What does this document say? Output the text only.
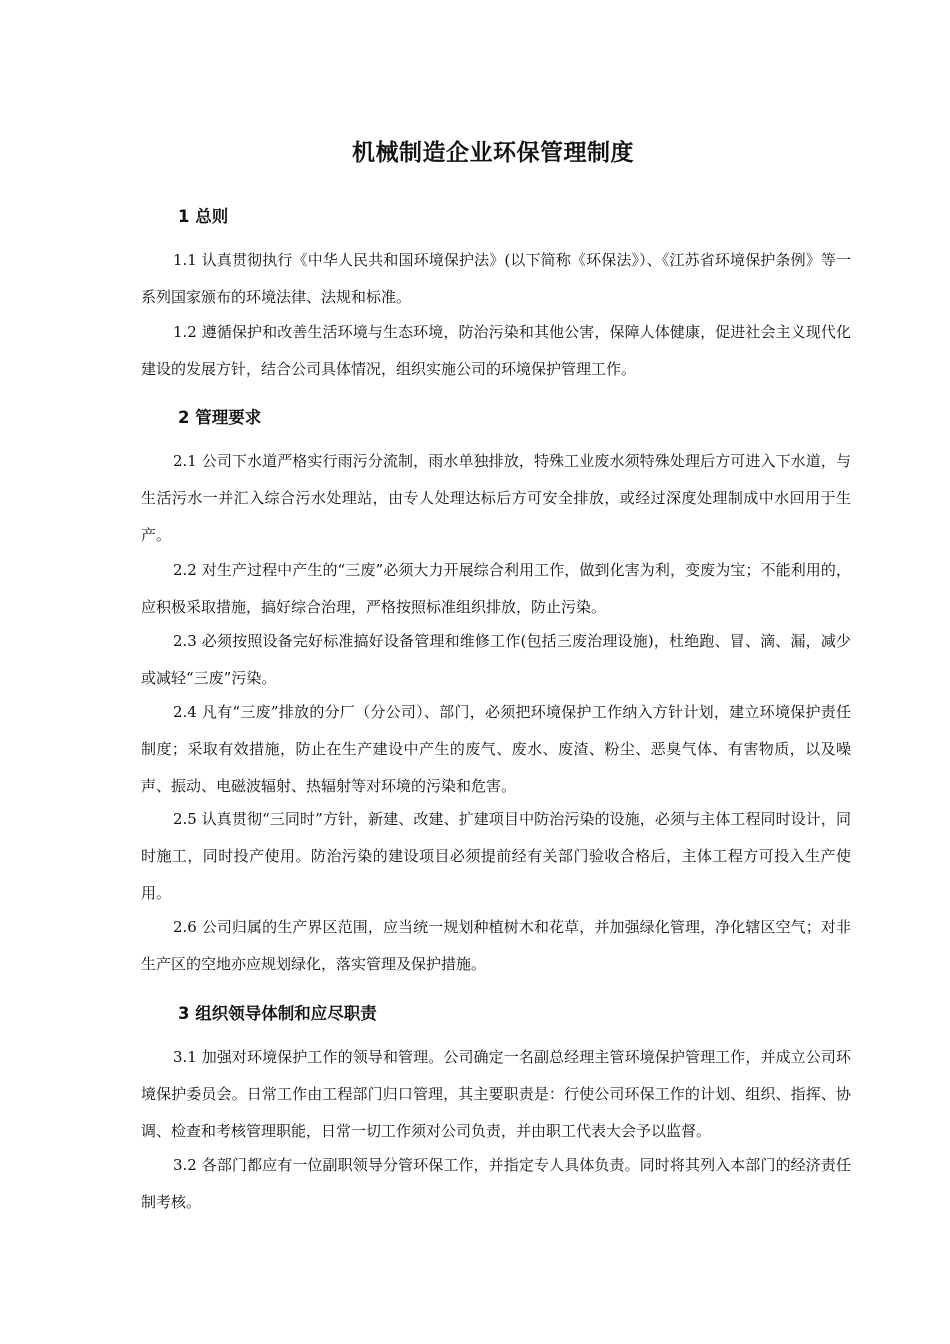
机械制造企业环保管理制度
1 总则

1.1 认真贯彻执行《中华人民共和国环境保护法》(以下简称《环保法》）、《江苏省环境保护条例》等一系列国家颁布的环境法律、法规和标准。

1.2 遵循保护和改善生活环境与生态环境，防治污染和其他公害，保障人体健康，促进社会主义现代化建设的发展方针，结合公司具体情况，组织实施公司的环境保护管理工作。

2 管理要求

2.1 公司下水道严格实行雨污分流制，雨水单独排放，特殊工业废水须特殊处理后方可进入下水道，与生活污水一并汇入综合污水处理站，由专人处理达标后方可安全排放，或经过深度处理制成中水回用于生产。

2.2 对生产过程中产生的“三废”必须大力开展综合利用工作，做到化害为利，变废为宝；不能利用的，应积极采取措施，搞好综合治理，严格按照标准组织排放，防止污染。

2.3 必须按照设备完好标准搞好设备管理和维修工作(包括三废治理设施)，杜绝跑、冒、滴、漏，减少或减轻“三废”污染。

2.4 凡有“三废”排放的分厂（分公司）、部门，必须把环境保护工作纳入方针计划，建立环境保护责任制度；采取有效措施，防止在生产建设中产生的废气、废水、废渣、粉尘、恶臭气体、有害物质，以及噪声、振动、电磁波辐射、热辐射等对环境的污染和危害。

2.5 认真贯彻“三同时”方针，新建、改建、扩建项目中防治污染的设施，必须与主体工程同时设计，同时施工，同时投产使用。防治污染的建设项目必须提前经有关部门验收合格后，主体工程方可投入生产使用。

2.6 公司归属的生产界区范围，应当统一规划种植树木和花草，并加强绿化管理，净化辖区空气；对非生产区的空地亦应规划绿化，落实管理及保护措施。

3 组织领导体制和应尽职责

3.1 加强对环境保护工作的领导和管理。公司确定一名副总经理主管环境保护管理工作，并成立公司环境保护委员会。日常工作由工程部门归口管理，其主要职责是：行使公司环保工作的计划、组织、指挥、协调、检查和考核管理职能，日常一切工作须对公司负责，并由职工代表大会予以监督。

3.2 各部门都应有一位副职领导分管环保工作，并指定专人具体负责。同时将其列入本部门的经济责任制考核。
